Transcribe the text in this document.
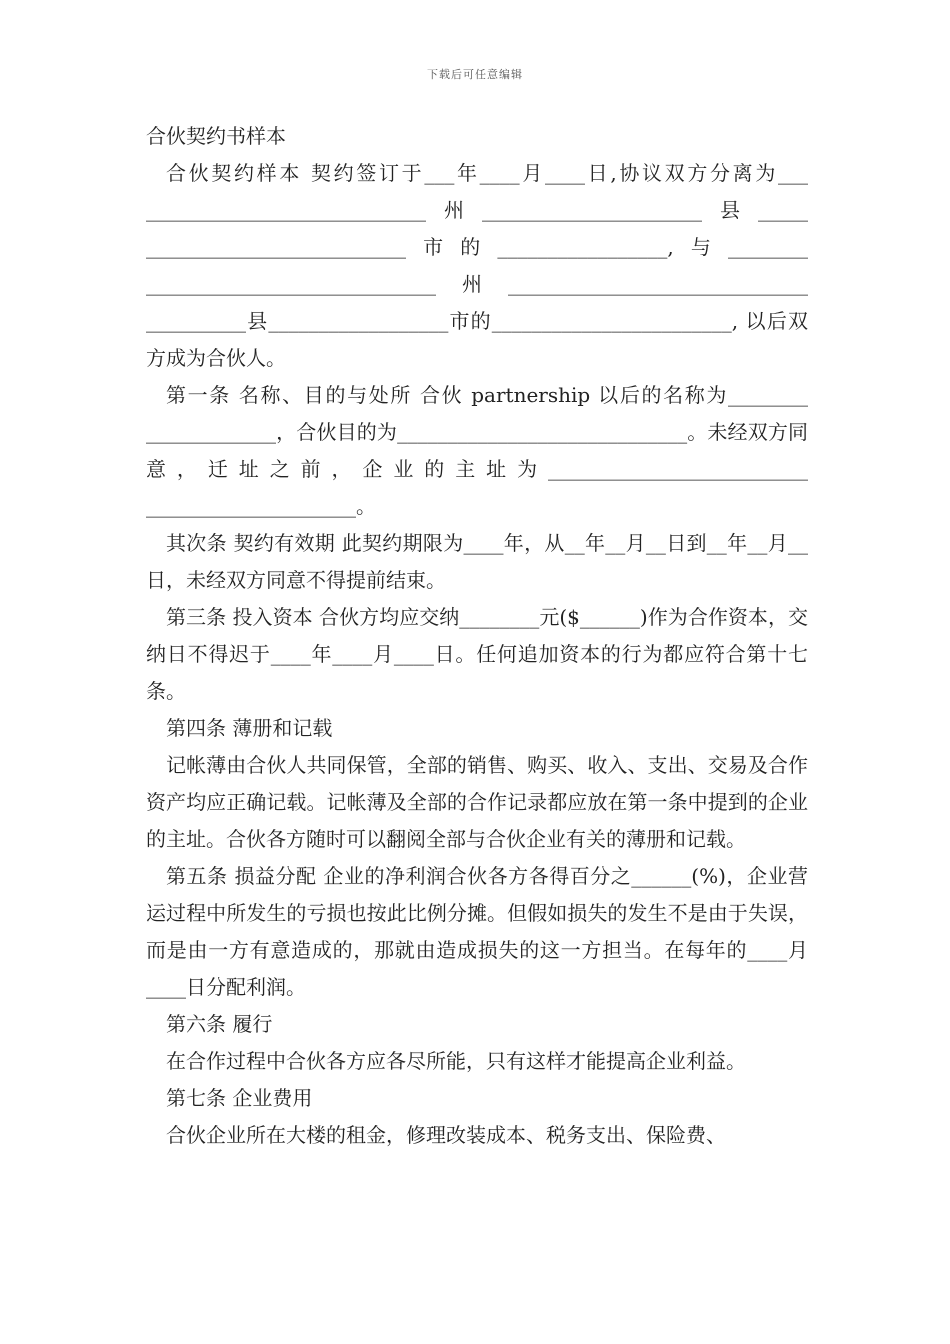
下载后可任意编辑

合伙契约书样本

合伙契约样本 契约签订于___年____月____日,协议双方分离为___ ____________________________州______________________县_____ __________________________市的_________________,与________ _____________________________州______________________________ __________县__________________市的________________________, 以后双方成为合伙人。

第一条 名称、目的与处所 合伙 partnership 以后的名称为________ _____________，合伙目的为_____________________________。未经双方同意，迁址之前，企业的主址为__________________________ _____________________。

其次条 契约有效期 此契约期限为____年，从__年__月__日到__年__月__日，未经双方同意不得提前结束。

第三条 投入资本 合伙方均应交纳________元($______)作为合作资本，交纳日不得迟于____年____月____日。任何追加资本的行为都应符合第十七条。

第四条 薄册和记载

记帐薄由合伙人共同保管，全部的销售、购买、收入、支出、交易及合作资产均应正确记载。记帐薄及全部的合作记录都应放在第一条中提到的企业的主址。合伙各方随时可以翻阅全部与合伙企业有关的薄册和记载。

第五条 损益分配 企业的净利润合伙各方各得百分之______(%)，企业营运过程中所发生的亏损也按此比例分摊。但假如损失的发生不是由于失误，而是由一方有意造成的，那就由造成损失的这一方担当。在每年的____月____日分配利润。

第六条 履行

在合作过程中合伙各方应各尽所能，只有这样才能提高企业利益。

第七条 企业费用

合伙企业所在大楼的租金，修理改装成本、税务支出、保险费、
